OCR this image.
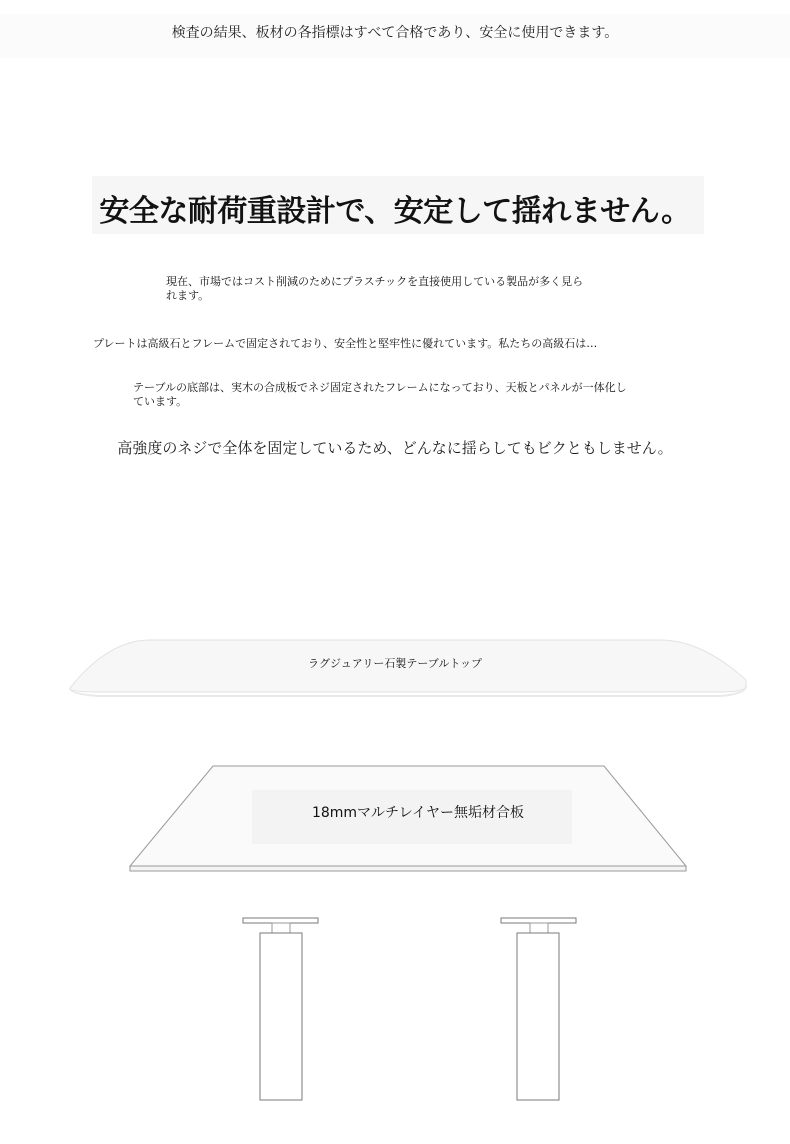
検査の結果、板材の各指標はすべて合格であり、安全に使用できます。

安全な耐荷重設計で、安定して揺れません。

現在、市場ではコスト削減のためにプラスチックを直接使用している製品が多く見られます。

プレートは高級石とフレームで固定されており、安全性と堅牢性に優れています。私たちの高級石は…

テーブルの底部は、実木の合成板でネジ固定されたフレームになっており、天板とパネルが一体化しています。

高強度のネジで全体を固定しているため、どんなに揺らしてもビクともしません。

ラグジュアリー石製テーブルトップ
18mmマルチレイヤー無垢材合板
